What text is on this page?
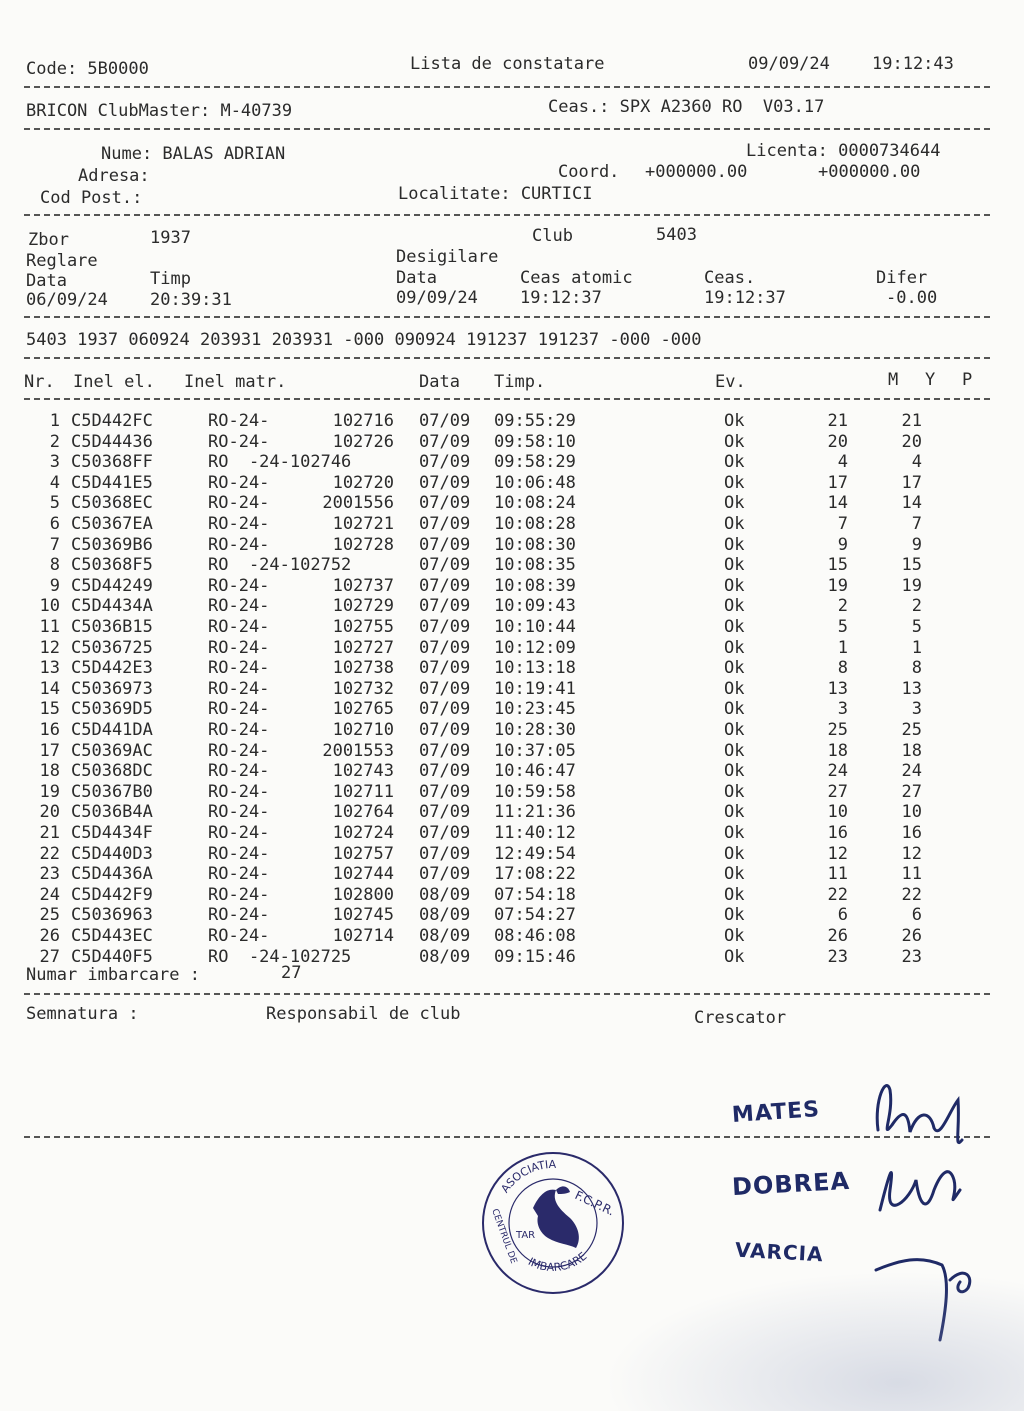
Code: 5B0000	Lista de constatare	09/09/24 19:12:43
BRICON ClubMaster: M-40739	Ceas.: SPX A2360 RO  V03.17
Nume: BALAS ADRIAN	Licenta: 0000734644
Adresa:	Coord. +000000.00	+000000.00
Cod Post.:	Localitate: CURTICI
Zbor	1937	Club	5403
Reglare	Desigilare
Data	Timp	Data	Ceas atomic	Ceas.	Difer
06/09/24 20:39:31	09/09/24 19:12:37	19:12:37	-0.00
5403 1937 060924 203931 203931 -000 090924 191237 191237 -000 -000
Nr. Inel el. Inel matr.	Data Timp.	Ev.	M Y P
1 C5D442FC	RO-24-	102716 07/09 09:55:29	Ok	21	21
2 C5D44436	RO-24-	102726 07/09 09:58:10	Ok	20	20
3 C50368FF	RO  -24-102746	07/09 09:58:29	Ok	4	4
4 C5D441E5	RO-24-	102720 07/09 10:06:48	Ok	17	17
5 C50368EC	RO-24-	2001556 07/09 10:08:24	Ok	14	14
6 C50367EA	RO-24-	102721 07/09 10:08:28	Ok	7	7
7 C50369B6	RO-24-	102728 07/09 10:08:30	Ok	9	9
8 C50368F5	RO  -24-102752	07/09 10:08:35	Ok	15	15
9 C5D44249	RO-24-	102737 07/09 10:08:39	Ok	19	19
10 C5D4434A	RO-24-	102729 07/09 10:09:43	Ok	2	2
11 C5036B15	RO-24-	102755 07/09 10:10:44	Ok	5	5
12 C5036725	RO-24-	102727 07/09 10:12:09	Ok	1	1
13 C5D442E3	RO-24-	102738 07/09 10:13:18	Ok	8	8
14 C5036973	RO-24-	102732 07/09 10:19:41	Ok	13	13
15 C50369D5	RO-24-	102765 07/09 10:23:45	Ok	3	3
16 C5D441DA	RO-24-	102710 07/09 10:28:30	Ok	25	25
17 C50369AC	RO-24-	2001553 07/09 10:37:05	Ok	18	18
18 C50368DC	RO-24-	102743 07/09 10:46:47	Ok	24	24
19 C50367B0	RO-24-	102711 07/09 10:59:58	Ok	27	27
20 C5036B4A	RO-24-	102764 07/09 11:21:36	Ok	10	10
21 C5D4434F	RO-24-	102724 07/09 11:40:12	Ok	16	16
22 C5D440D3	RO-24-	102757 07/09 12:49:54	Ok	12	12
23 C5D4436A	RO-24-	102744 07/09 17:08:22	Ok	11	11
24 C5D442F9	RO-24-	102800 08/09 07:54:18	Ok	22	22
25 C5036963	RO-24-	102745 08/09 07:54:27	Ok	6	6
26 C5D443EC	RO-24-	102714 08/09 08:46:08	Ok	26	26
27 C5D440F5	RO  -24-102725	08/09 09:15:46	Ok	23	23
Numar imbarcare :	27
Semnatura :	Responsabil de club	Crescator
ASOCIATIA
IMBARCARE
CENTRUL DE
F.C.P.R.
TAR
MATES
DOBREA
VARCIA
